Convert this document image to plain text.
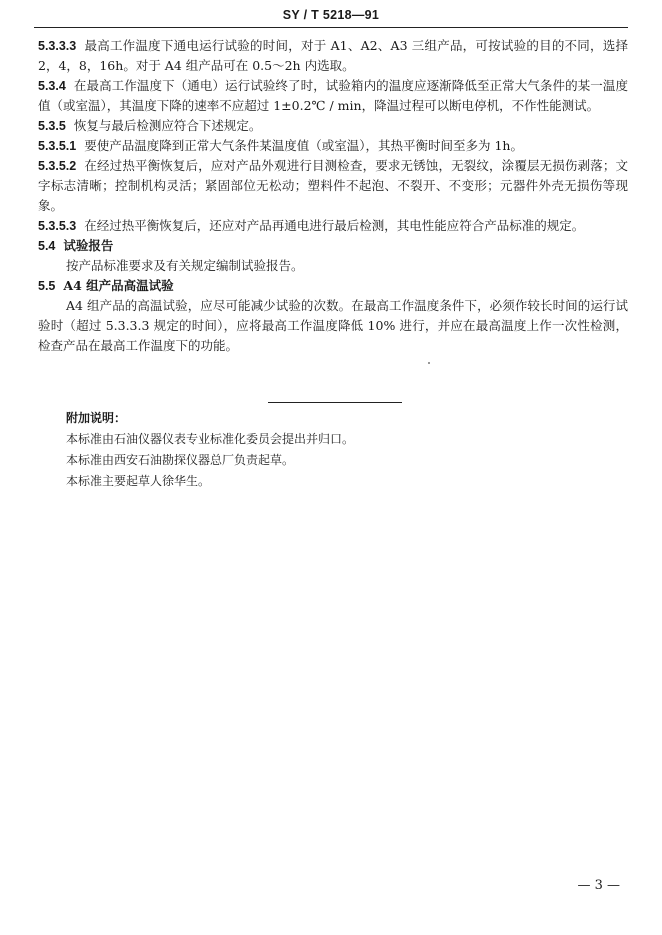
SY / T 5218—91

5.3.3.3 最高工作温度下通电运行试验的时间，对于 A1、A2、A3 三组产品，可按试验的目的不同，选择 2，4，8，16h。对于 A4 组产品可在 0.5～2h 内选取。

5.3.4 在最高工作温度下（通电）运行试验终了时，试验箱内的温度应逐渐降低至正常大气条件的某一温度值（或室温），其温度下降的速率不应超过 1±0.2℃ / min，降温过程可以断电停机，不作性能测试。

5.3.5 恢复与最后检测应符合下述规定。

5.3.5.1 要使产品温度降到正常大气条件某温度值（或室温），其热平衡时间至多为 1h。

5.3.5.2 在经过热平衡恢复后，应对产品外观进行目测检查，要求无锈蚀，无裂纹，涂覆层无损伤剥落；文字标志清晰；控制机构灵活；紧固部位无松动；塑料件不起泡、不裂开、不变形；元器件外壳无损伤等现象。

5.3.5.3 在经过热平衡恢复后，还应对产品再通电进行最后检测，其电性能应符合产品标准的规定。

5.4 试验报告

按产品标准要求及有关规定编制试验报告。

5.5 A4 组产品高温试验

A4 组产品的高温试验，应尽可能减少试验的次数。在最高工作温度条件下，必须作较长时间的运行试验时（超过 5.3.3.3 规定的时间），应将最高工作温度降低 10% 进行，并应在最高温度上作一次性检测，检查产品在最高工作温度下的功能。

附加说明：
本标准由石油仪器仪表专业标准化委员会提出并归口。
本标准由西安石油勘探仪器总厂负责起草。
本标准主要起草人徐华生。
— 3 —
